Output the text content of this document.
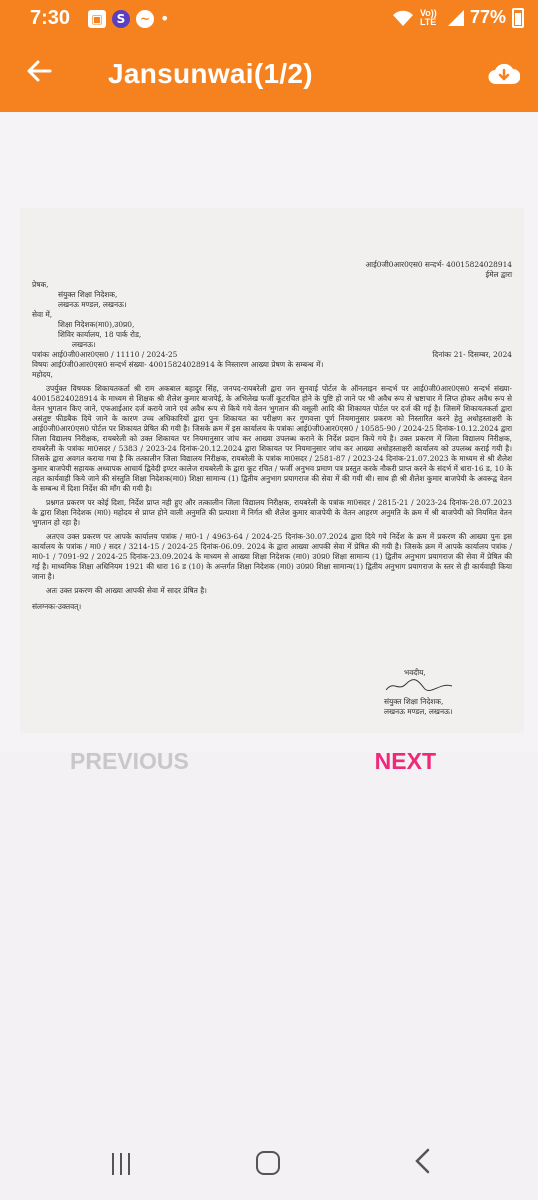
7:30 ▣	S	~ •	Vo)) LTE	77%
Jansunwai(1/2)
आई0जी0आर0एस0 सन्दर्भ- 40015824028914
ईमेल द्वारा
प्रेषक,
संयुक्त शिक्षा निदेशक,
लखनऊ मण्डल, लखनऊ।
सेवा में,
शिक्षा निदेशक(मा0),उ0प्र0,
शिविर कार्यालय, 18 पार्क रोड,
लखनऊ।
पत्रांकः आई0जी0आर0एस0 / 11110 / 2024-25	दिनांकः 21- दिसम्बर, 2024
विषयः आई0जी0आर0एस0 सन्दर्भ संख्या- 40015824028914 के निस्तारण आख्या प्रेषण के सम्बन्ध में।
महोदय,
उपर्युक्त विषयक शिकायतकर्ता श्री राम अकबाल बहादुर सिंह, जनपद-रायबरेली द्वारा जन सुनवाई पोर्टल के ऑनलाइन सन्दर्भ पर आई0जी0आर0एस0 सन्दर्भ संख्या- 40015824028914 के माध्यम से शिक्षक श्री शैलेश कुमार बाजपेई, के अभिलेख फर्जी कूटरचित होने के पुष्टि हो जाने पर भी अवैध रूप से भ्रष्टाचार में लिप्त होकर अवैध रूप से वेतन भुगतान किए जाने, एफआईआर दर्ज कराये जाने एवं अवैध रूप से किये गये वेतन भुगतान की वसूली आदि की शिकायत पोर्टल पर दर्ज की गई है। जिसमें शिकायतकर्ता द्वारा असंतुष्ट फीडबैक दिये जाने के कारण उच्च अधिकारियों द्वारा पुनः शिकायत का परीक्षण कर गुणवत्ता पूर्ण नियमानुसार प्रकरण को निस्तारित करने हेतु अधोहस्ताक्षरी के आई0जी0आर0एस0 पोर्टल पर शिकायत प्रेषित की गयी है। जिसके क्रम में इस कार्यालय के पत्रांकः आई0जी0आर0एस0 / 10585-90 / 2024-25 दिनांक-10.12.2024 द्वारा जिला विद्यालय निरीक्षक, रायबरेली को उक्त शिकायत पर नियमानुसार जांच कर आख्या उपलब्ध कराने के निर्देश प्रदान किये गये है। उक्त प्रकरण में जिला विद्यालय निरीक्षक, रायबरेली के पत्रांकः मा0सदर / 5383 / 2023-24 दिनांक-20.12.2024 द्वारा शिकायत पर नियमानुसार जांच कर आख्या अधोहस्ताक्षरी कार्यालय को उपलब्ध कराई गयी है। जिसके द्वारा अवगत कराया गया है कि तत्कालीन जिला विद्यालय निरीक्षक, रायबरेली के पत्रांक मा0सदर / 2581-87 / 2023-24 दिनांक-21.07.2023 के माध्यम से श्री शैलेश कुमार बाजपेयी सहायक अध्यापक आचार्य द्विवेदी इण्टर कालेज रायबरेली के द्वारा कूट रचित / फर्जी अनुभव प्रमाण पत्र प्रस्तुत करके नौकरी प्राप्त करने के संदर्भ में धारा-16 ड, 10 के तहत कार्यवाही किये जाने की संस्तुति शिक्षा निदेशक(मा0) शिक्षा सामान्य (1) द्वितीय अनुभाग प्रयागराज की सेवा में की गयी थी। साथ ही श्री शैलेश कुमार बाजपेयी के अवरूद्व वेतन के सम्बन्ध में दिशा निर्देश की माँग की गयी है।
प्रश्नगत प्रकरण पर कोई दिशा, निर्देश प्राप्त नही हुए और तत्कालीन जिला विद्यालय निरीक्षक, रायबरेली के पत्रांक मा0सदर / 2815-21 / 2023-24 दिनांक-28.07.2023 के द्वारा शिक्षा निदेशक (मा0) महोदय से प्राप्त होने वाली अनुमति की प्रत्याशा में निर्गत श्री शैलेश कुमार बाजपेयी के वेतन आहरण अनुमति के क्रम में श्री बाजपेयी को नियमित वेतन भुगतान हो रहा है।
अतएव उक्त प्रकरण पर आपके कार्यालय पत्रांक / मा0-1 / 4963-64 / 2024-25 दिनांक-30.07.2024 द्वारा दिये गये निर्देश के क्रम में प्रकरण की आख्या पुनः इस कार्यालय के पत्रांक / मा0 / सदर / 3214-15 / 2024-25 दिनांक-06.09. 2024 के द्वारा आख्या आपकी सेवा में प्रेषित की गयी है। जिसके क्रम में आपके कार्यालय पत्रांक / मा0-1 / 7091-92 / 2024-25 दिनांक-23.09.2024 के माध्यम से आख्या शिक्षा निदेशक (मा0) उ0प्र0 शिक्षा सामान्य (1) द्वितीय अनुभाग प्रयागराज की सेवा में प्रेषित की गई है। माध्यमिक शिक्षा अधिनियम 1921 की धारा 16 ड (10) के अन्तर्गत शिक्षा निदेशक (मा0) उ0प्र0 शिक्षा सामान्य(1) द्वितीय अनुभाग प्रयागराज के स्तर से ही कार्यवाही किया जाना है।
अतः उक्त प्रकरण की आख्या आपकी सेवा में सादर प्रेषित है।
संलग्नकः-उक्तवत्।
भवदीय,
संयुक्त शिक्षा निदेशक,
लखनऊ मण्डल, लखनऊ।
PREVIOUS	NEXT
